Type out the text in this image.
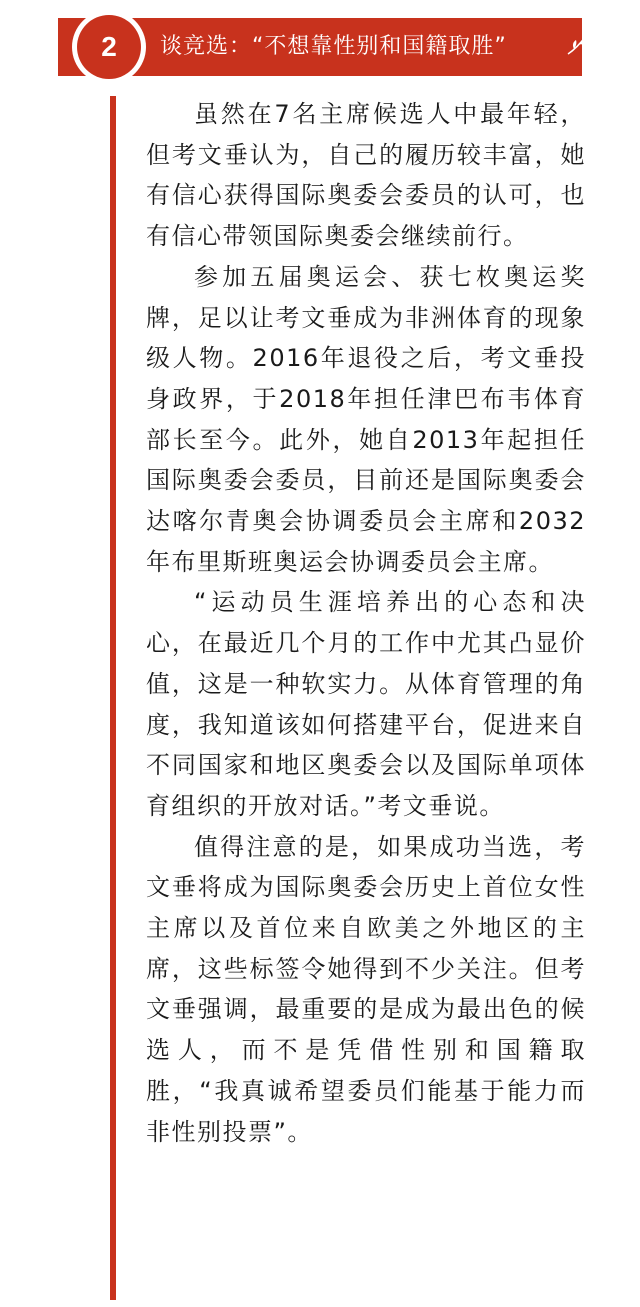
2	谈竞选：“不想靠性别和国籍取胜”

虽然在7名主席候选人中最年轻，但考文垂认为，自己的履历较丰富，她有信心获得国际奥委会委员的认可，也有信心带领国际奥委会继续前行。

参加五届奥运会、获七枚奥运奖牌，足以让考文垂成为非洲体育的现象级人物。2016年退役之后，考文垂投身政界，于2018年担任津巴布韦体育部长至今。此外，她自2013年起担任国际奥委会委员，目前还是国际奥委会达喀尔青奥会协调委员会主席和2032年布里斯班奥运会协调委员会主席。

“运动员生涯培养出的心态和决心，在最近几个月的工作中尤其凸显价值，这是一种软实力。从体育管理的角度，我知道该如何搭建平台，促进来自不同国家和地区奥委会以及国际单项体育组织的开放对话。”考文垂说。

值得注意的是，如果成功当选，考文垂将成为国际奥委会历史上首位女性主席以及首位来自欧美之外地区的主席，这些标签令她得到不少关注。但考文垂强调，最重要的是成为最出色的候选人，而不是凭借性别和国籍取胜，“我真诚希望委员们能基于能力而非性别投票”。
